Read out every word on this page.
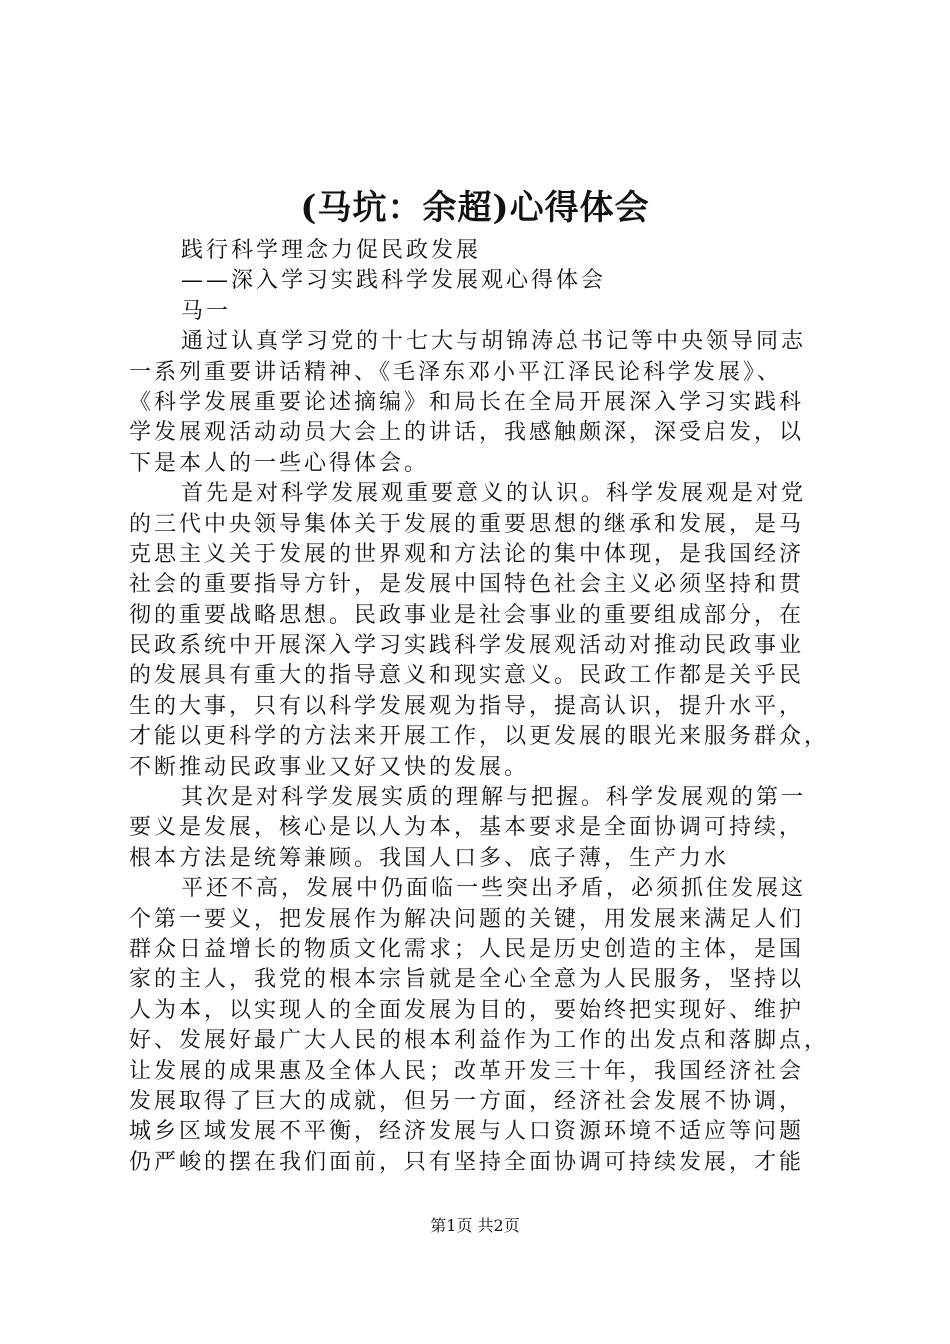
(马坑：余超)心得体会
践行科学理念力促民政发展
——深入学习实践科学发展观心得体会
马一
通过认真学习党的十七大与胡锦涛总书记等中央领导同志
一系列重要讲话精神、《毛泽东邓小平江泽民论科学发展》、
《科学发展重要论述摘编》和局长在全局开展深入学习实践科
学发展观活动动员大会上的讲话，我感触颇深，深受启发，以
下是本人的一些心得体会。
首先是对科学发展观重要意义的认识。科学发展观是对党
的三代中央领导集体关于发展的重要思想的继承和发展，是马
克思主义关于发展的世界观和方法论的集中体现，是我国经济
社会的重要指导方针，是发展中国特色社会主义必须坚持和贯
彻的重要战略思想。民政事业是社会事业的重要组成部分，在
民政系统中开展深入学习实践科学发展观活动对推动民政事业
的发展具有重大的指导意义和现实意义。民政工作都是关乎民
生的大事，只有以科学发展观为指导，提高认识，提升水平，
才能以更科学的方法来开展工作，以更发展的眼光来服务群众，
不断推动民政事业又好又快的发展。
其次是对科学发展实质的理解与把握。科学发展观的第一
要义是发展，核心是以人为本，基本要求是全面协调可持续，
根本方法是统筹兼顾。我国人口多、底子薄，生产力水
平还不高，发展中仍面临一些突出矛盾，必须抓住发展这
个第一要义，把发展作为解决问题的关键，用发展来满足人们
群众日益增长的物质文化需求；人民是历史创造的主体，是国
家的主人，我党的根本宗旨就是全心全意为人民服务，坚持以
人为本，以实现人的全面发展为目的，要始终把实现好、维护
好、发展好最广大人民的根本利益作为工作的出发点和落脚点，
让发展的成果惠及全体人民；改革开发三十年，我国经济社会
发展取得了巨大的成就，但另一方面，经济社会发展不协调，
城乡区域发展不平衡，经济发展与人口资源环境不适应等问题
仍严峻的摆在我们面前，只有坚持全面协调可持续发展，才能
第1页 共2页
